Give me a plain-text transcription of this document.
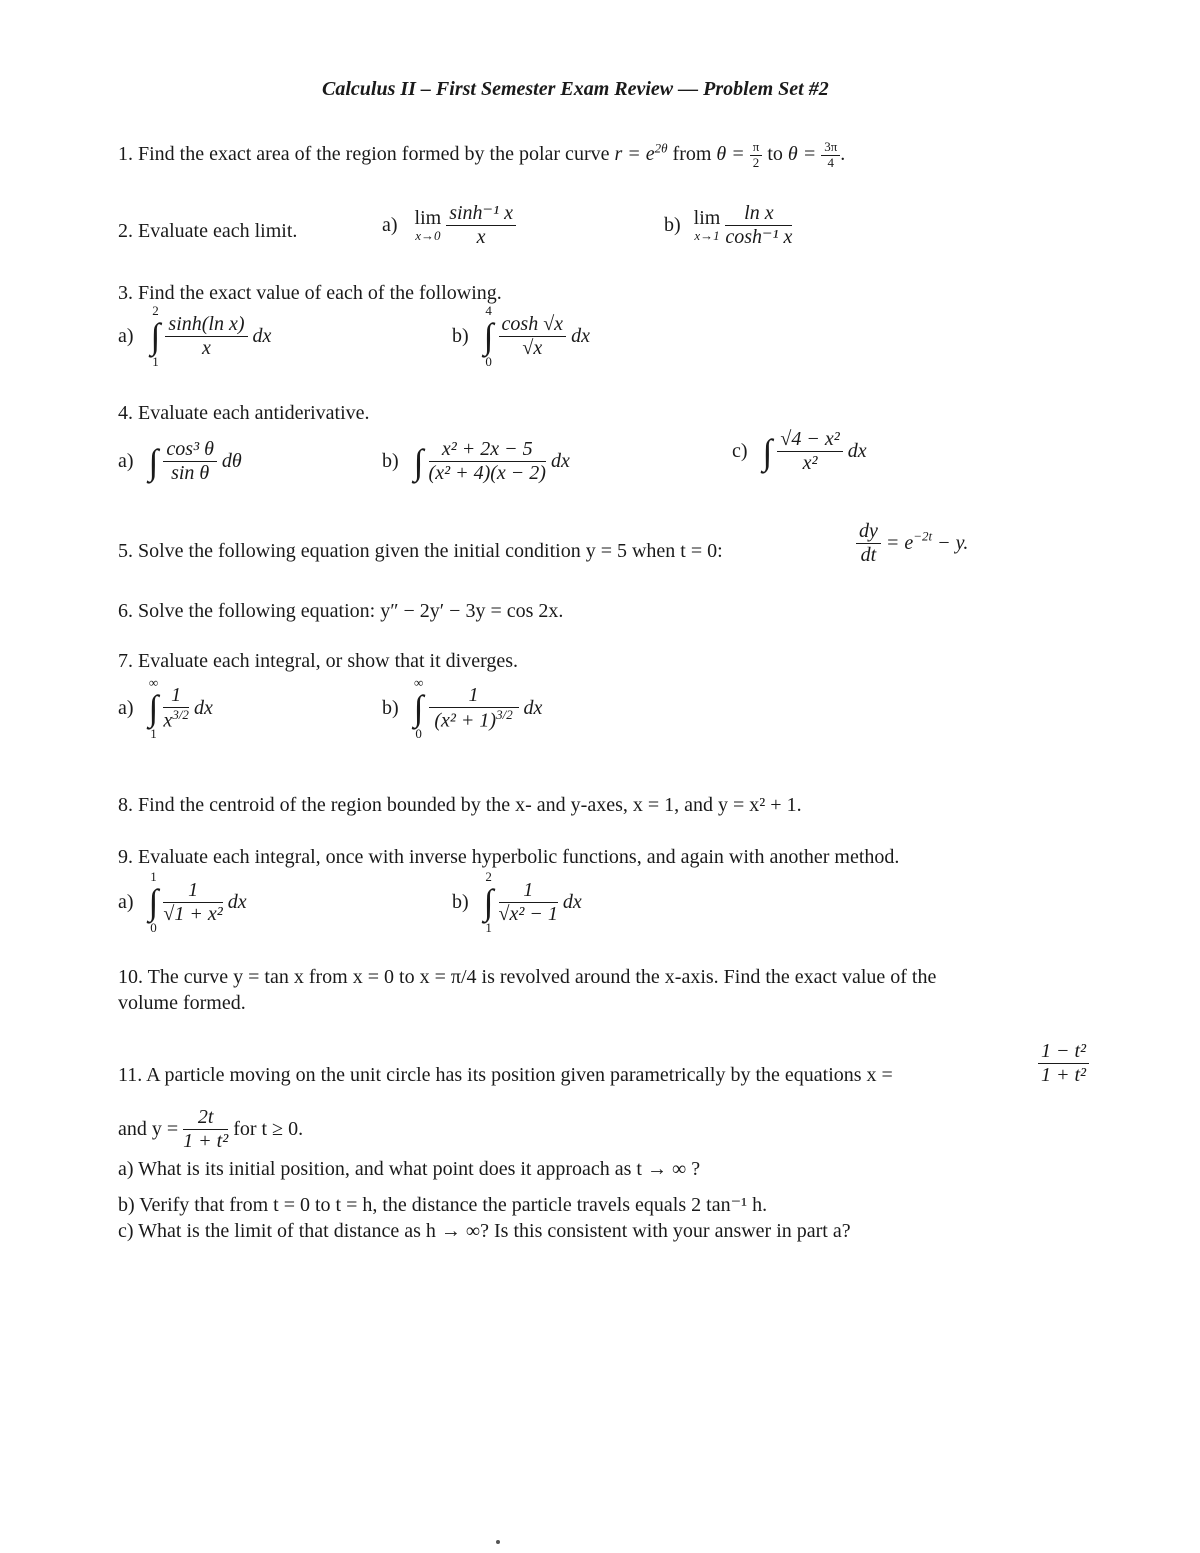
Calculus II – First Semester Exam Review — Problem Set #2
1. Find the exact area of the region formed by the polar curve $r = e^{2\theta}$ from $\theta = \frac{\pi}{2}$ to $\theta = \frac{3\pi}{4}$ .
2. Evaluate each limit.	a) lim
x→0
$\frac{\text{sinh⁻¹ x}}{x}$	b) lim
x→1
$\frac{\text{ln x}}{\text{cosh⁻¹ x}}$
3. Find the exact value of each of the following.
a)
2
∫
1

$\frac{\text{sinh(ln x)}}{x}$ dx	b)
4
∫
0

$\frac{\cosh √x}{√x}$ dx
4. Evaluate each antiderivative.
a) ∫ $\frac{\text{cos³ θ}}{\text{sin θ}}$ dθ	b) ∫ $\frac{\text{x² + 2x − 5}}{\text{(x² + 4)(x − 2)}}$ dx	c) ∫ $\frac{\text{√4 − x²}}{\text{x²}}$ dx
5. Solve the following equation given the initial condition y = 5 when t = 0:	$\frac{dy}{dt} = e^{-2t} - y$.
6. Solve the following equation: y″ − 2y′ − 3y = cos 2x.
7. Evaluate each integral, or show that it diverges.
a)
∞
∫
1

$\frac{1}{x^{3/2}}$ dx	b)
∞
∫
0

$\frac{1}{(x^2 + 1)^{3/2}}$ dx
8. Find the centroid of the region bounded by the x- and y-axes, x = 1, and y = x² + 1.
9. Evaluate each integral, once with inverse hyperbolic functions, and again with another method.
a)
1
∫
0

$\frac{1}{\text{√1 + x²}}$ dx	b)
2
∫
1

$\frac{1}{\text{√x² − 1}}$ dx
10. The curve y = tan x from x = 0 to x = π/4 is revolved around the x-axis. Find the exact value of the
volume formed.
11. A particle moving on the unit circle has its position given parametrically by the equations x =	$\frac{\text{1 − t²}}{\text{1 + t²}}$
and $y = \frac{2t}{\text{1 + t²}}$ for t ≥ 0.
a) What is its initial position, and what point does it approach as t → ∞ ?
b) Verify that from t = 0 to t = h, the distance the particle travels equals 2 tan⁻¹ h.
c) What is the limit of that distance as h → ∞? Is this consistent with your answer in part a?
